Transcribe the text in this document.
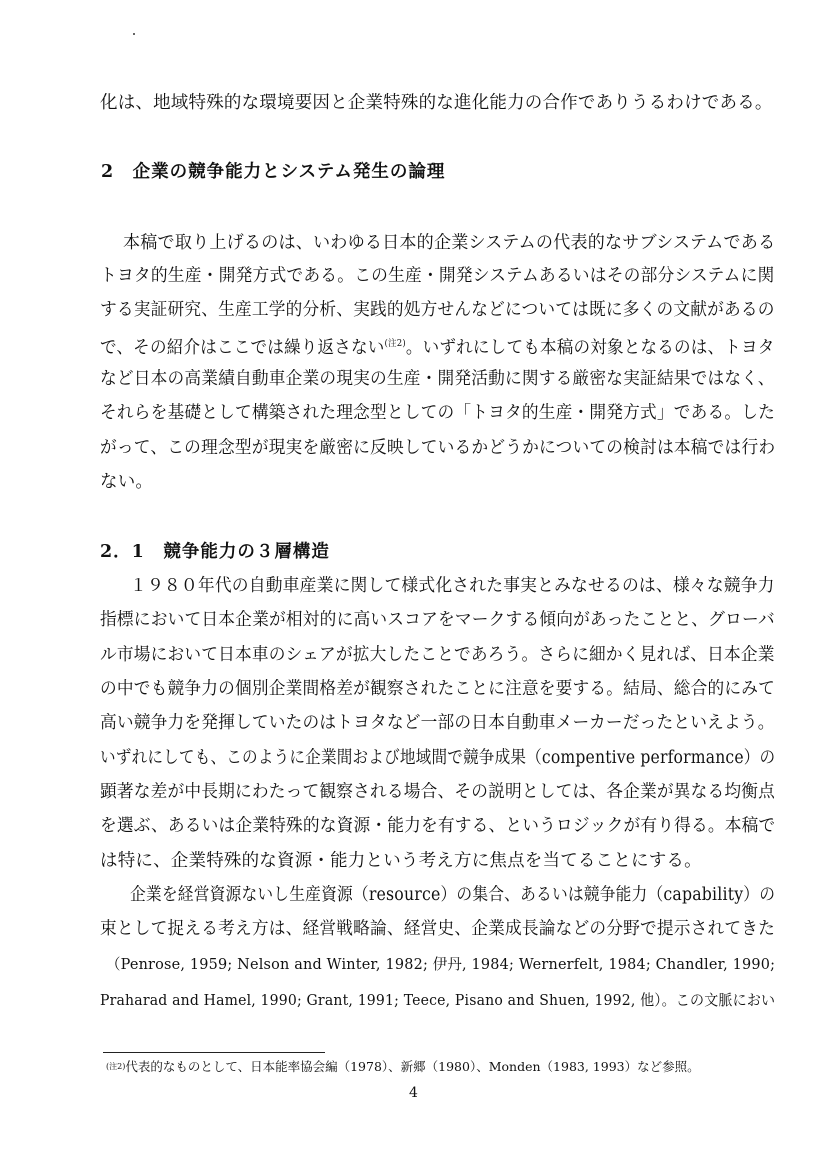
化は、地域特殊的な環境要因と企業特殊的な進化能力の合作でありうるわけである。
2　企業の競争能力とシステム発生の論理
本稿で取り上げるのは、いわゆる日本的企業システムの代表的なサブシステムである
トヨタ的生産・開発方式である。この生産・開発システムあるいはその部分システムに関
する実証研究、生産工学的分析、実践的処方せんなどについては既に多くの文献があるの
で、その紹介はここでは繰り返さない$^{(注2)}$。いずれにしても本稿の対象となるのは、トヨタ
など日本の高業績自動車企業の現実の生産・開発活動に関する厳密な実証結果ではなく、
それらを基礎として構築された理念型としての「トヨタ的生産・開発方式」である。した
がって、この理念型が現実を厳密に反映しているかどうかについての検討は本稿では行わ
ない。
2．1　競争能力の３層構造
１９８０年代の自動車産業に関して様式化された事実とみなせるのは、様々な競争力
指標において日本企業が相対的に高いスコアをマークする傾向があったことと、グローバ
ル市場において日本車のシェアが拡大したことであろう。さらに細かく見れば、日本企業
の中でも競争力の個別企業間格差が観察されたことに注意を要する。結局、総合的にみて
高い競争力を発揮していたのはトヨタなど一部の日本自動車メーカーだったといえよう。
いずれにしても、このように企業間および地域間で競争成果（compentive performance）の
顕著な差が中長期にわたって観察される場合、その説明としては、各企業が異なる均衡点
を選ぶ、あるいは企業特殊的な資源・能力を有する、というロジックが有り得る。本稿で
は特に、企業特殊的な資源・能力という考え方に焦点を当てることにする。
企業を経営資源ないし生産資源（resource）の集合、あるいは競争能力（capability）の
束として捉える考え方は、経営戦略論、経営史、企業成長論などの分野で提示されてきた
（Penrose, 1959; Nelson and Winter, 1982; 伊丹, 1984; Wernerfelt, 1984; Chandler, 1990;
Praharad and Hamel, 1990; Grant, 1991; Teece, Pisano and Shuen, 1992, 他）。この文脈におい
$^{(注2)}$代表的なものとして、日本能率協会編（1978）、新郷（1980）、Monden（1983, 1993）など参照。
4
